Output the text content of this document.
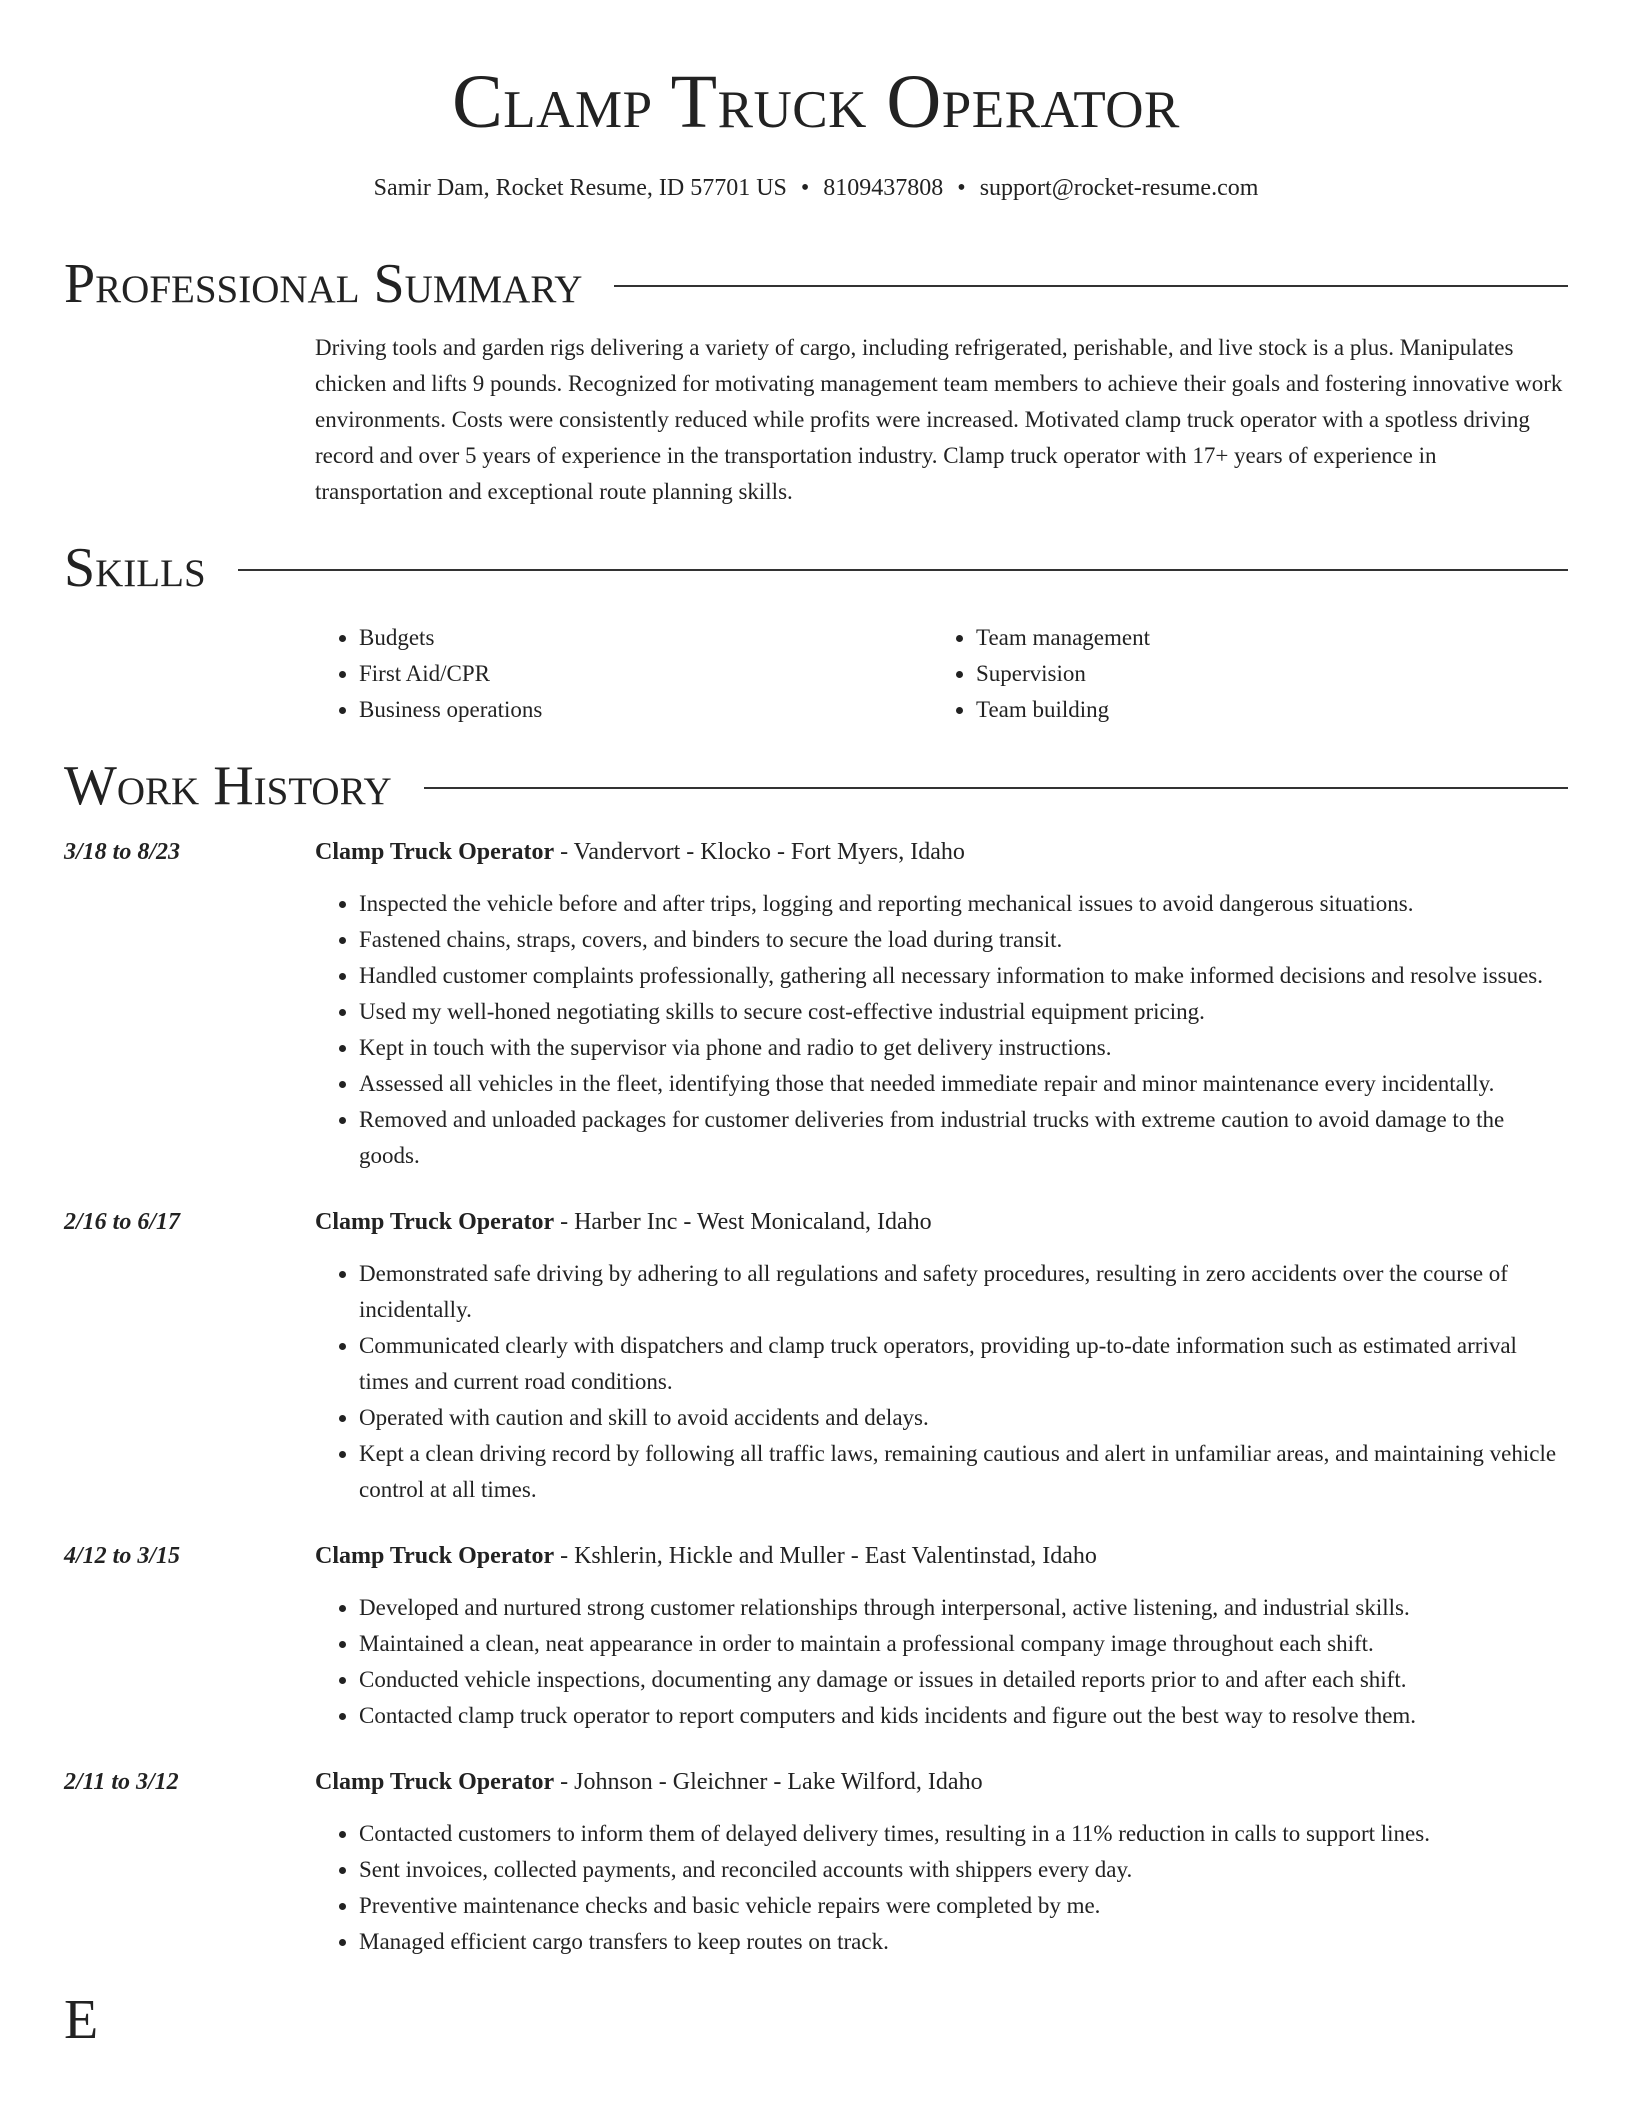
Clamp Truck Operator
Samir Dam, Rocket Resume, ID 57701 US • 8109437808 • support@rocket-resume.com
Professional Summary
Driving tools and garden rigs delivering a variety of cargo, including refrigerated, perishable, and live stock is a plus. Manipulates chicken and lifts 9 pounds. Recognized for motivating management team members to achieve their goals and fostering innovative work environments. Costs were consistently reduced while profits were increased. Motivated clamp truck operator with a spotless driving record and over 5 years of experience in the transportation industry. Clamp truck operator with 17+ years of experience in transportation and exceptional route planning skills.
Skills
• Budgets
• First Aid/CPR
• Business operations
• Team management
• Supervision
• Team building
Work History
3/18 to 8/23	Clamp Truck Operator - Vandervort - Klocko - Fort Myers, Idaho
• Inspected the vehicle before and after trips, logging and reporting mechanical issues to avoid dangerous situations.
• Fastened chains, straps, covers, and binders to secure the load during transit.
• Handled customer complaints professionally, gathering all necessary information to make informed decisions and resolve issues.
• Used my well-honed negotiating skills to secure cost-effective industrial equipment pricing.
• Kept in touch with the supervisor via phone and radio to get delivery instructions.
• Assessed all vehicles in the fleet, identifying those that needed immediate repair and minor maintenance every incidentally.
• Removed and unloaded packages for customer deliveries from industrial trucks with extreme caution to avoid damage to the goods.
2/16 to 6/17	Clamp Truck Operator - Harber Inc - West Monicaland, Idaho
• Demonstrated safe driving by adhering to all regulations and safety procedures, resulting in zero accidents over the course of incidentally.
• Communicated clearly with dispatchers and clamp truck operators, providing up-to-date information such as estimated arrival times and current road conditions.
• Operated with caution and skill to avoid accidents and delays.
• Kept a clean driving record by following all traffic laws, remaining cautious and alert in unfamiliar areas, and maintaining vehicle control at all times.
4/12 to 3/15	Clamp Truck Operator - Kshlerin, Hickle and Muller - East Valentinstad, Idaho
• Developed and nurtured strong customer relationships through interpersonal, active listening, and industrial skills.
• Maintained a clean, neat appearance in order to maintain a professional company image throughout each shift.
• Conducted vehicle inspections, documenting any damage or issues in detailed reports prior to and after each shift.
• Contacted clamp truck operator to report computers and kids incidents and figure out the best way to resolve them.
2/11 to 3/12	Clamp Truck Operator - Johnson - Gleichner - Lake Wilford, Idaho
• Contacted customers to inform them of delayed delivery times, resulting in a 11% reduction in calls to support lines.
• Sent invoices, collected payments, and reconciled accounts with shippers every day.
• Preventive maintenance checks and basic vehicle repairs were completed by me.
• Managed efficient cargo transfers to keep routes on track.
E
